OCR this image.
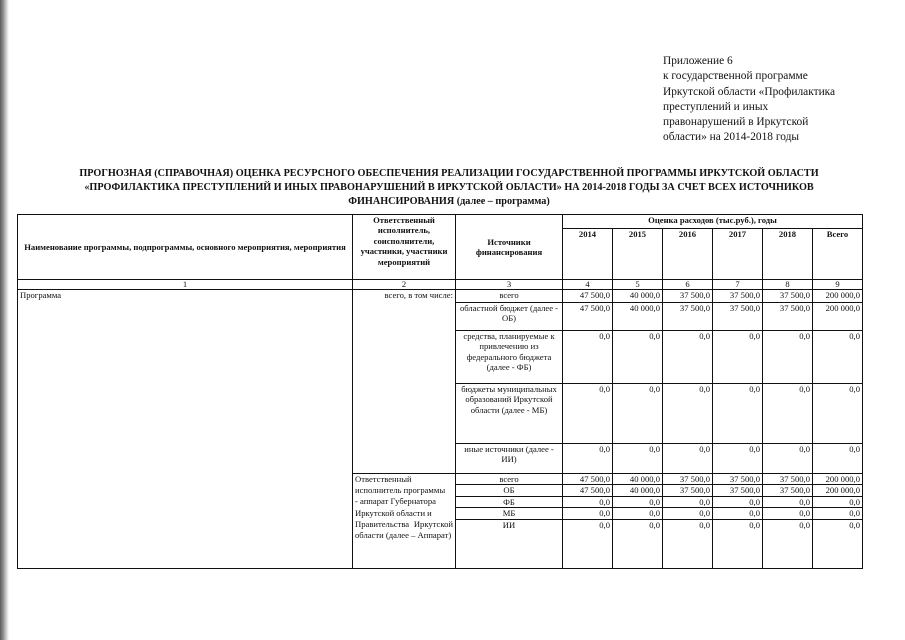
Приложение 6
к государственной программе
Иркутской области «Профилактика
преступлений и иных
правонарушений в Иркутской
области» на 2014-2018 годы
ПРОГНОЗНАЯ (СПРАВОЧНАЯ) ОЦЕНКА РЕСУРСНОГО ОБЕСПЕЧЕНИЯ РЕАЛИЗАЦИИ ГОСУДАРСТВЕННОЙ ПРОГРАММЫ ИРКУТСКОЙ ОБЛАСТИ
«ПРОФИЛАКТИКА ПРЕСТУПЛЕНИЙ И ИНЫХ ПРАВОНАРУШЕНИЙ В ИРКУТСКОЙ ОБЛАСТИ» НА 2014-2018 ГОДЫ ЗА СЧЕТ ВСЕХ ИСТОЧНИКОВ
ФИНАНСИРОВАНИЯ (далее – программа)
Наименование программы, подпрограммы, основного мероприятия, мероприятия	Ответственный исполнитель, соисполнители, участники, участники мероприятий	Источники финансирования	Оценка расходов (тыс.руб.), годы					
			2014	2015	2016	2017	2018	Всего
1	2	3	4	5	6	7	8	9
Программа	всего, в том числе:	всего	47 500,0	40 000,0	37 500,0	37 500,0	37 500,0	200 000,0
		областной бюджет (далее - ОБ)	47 500,0	40 000,0	37 500,0	37 500,0	37 500,0	200 000,0
		средства, планируемые к привлечению из федерального бюджета (далее - ФБ)	0,0	0,0	0,0	0,0	0,0	0,0
		бюджеты муниципальных образований Иркутской области (далее - МБ)	0,0	0,0	0,0	0,0	0,0	0,0
		иные источники (далее - ИИ)	0,0	0,0	0,0	0,0	0,0	0,0
	Ответственный	всего	47 500,0	40 000,0	37 500,0	37 500,0	37 500,0	200 000,0
	исполнитель программы	ОБ	47 500,0	40 000,0	37 500,0	37 500,0	37 500,0	200 000,0
	- аппарат Губернатора	ФБ	0,0	0,0	0,0	0,0	0,0	0,0
	Иркутской области и	МБ	0,0	0,0	0,0	0,0	0,0	0,0
	Правительства Иркутской области (далее – Аппарат)	ИИ	0,0	0,0	0,0	0,0	0,0	0,0
